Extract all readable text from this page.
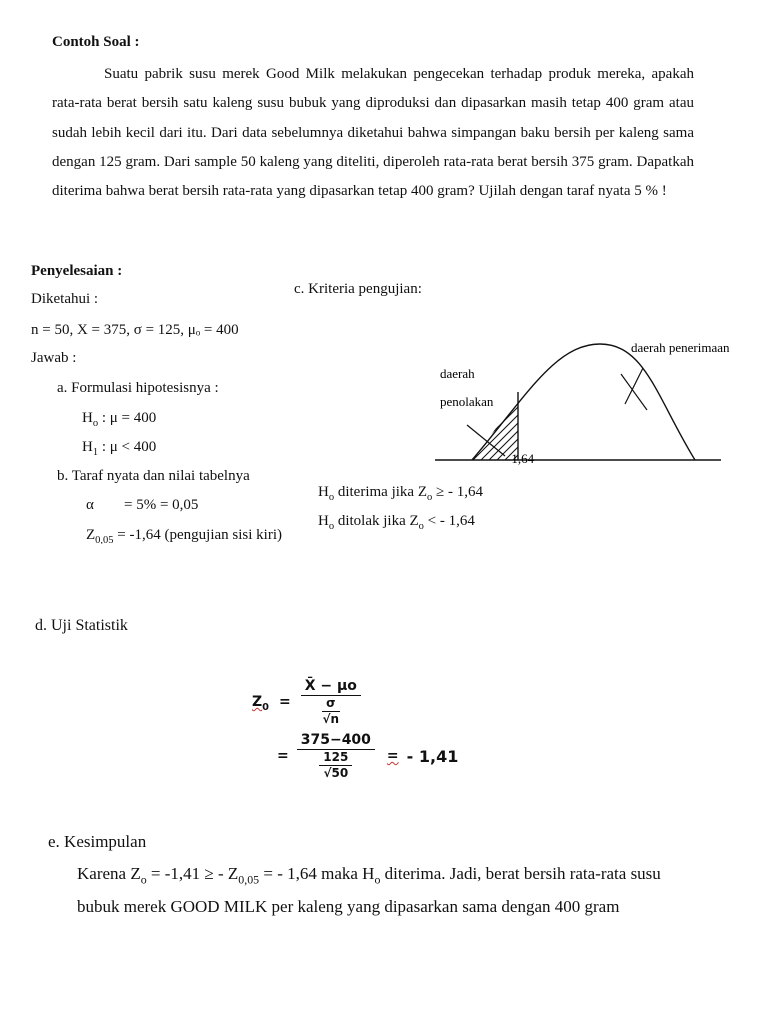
Contoh Soal :

Suatu pabrik susu merek Good Milk melakukan pengecekan terhadap produk mereka, apakah rata-rata berat bersih satu kaleng susu bubuk yang diproduksi dan dipasarkan masih tetap 400 gram atau sudah lebih kecil dari itu. Dari data sebelumnya diketahui bahwa simpangan baku bersih per kaleng sama dengan 125 gram. Dari sample 50 kaleng yang diteliti, diperoleh rata-rata berat bersih 375 gram. Dapatkah diterima bahwa berat bersih rata-rata yang dipasarkan tetap 400 gram? Ujilah dengan taraf nyata 5 % !

Penyelesaian :
Diketahui :
n = 50, X = 375, σ = 125, μₒ = 400
Jawab :
a. Formulasi hipotesisnya :
$H_o$ : μ = 400
$H_1$ : μ < 400
b. Taraf nyata dan nilai tabelnya
α = 5% = 0,05
$Z_{0,05} = -1,64$ (pengujian sisi kiri)
c. Kriteria pengujian:
daerah penerimaan
daerah
penolakan
-1,64
$H_o$ diterima jika $Z_o$ ≥ - 1,64
$H_o$ ditolak jika $Z_o$ < - 1,64
d. Uji Statistik
$Z_0 = \frac{X̄ - \mu o}{\frac{\sigma}{√n}}$
= $\frac{375-400}{\frac{125}{√50}}$ = - 1,41
e. Kesimpulan
Karena $Z_o = -1,41$ ≥ - $Z_{0,05}$ = - 1,64 maka $H_o$ diterima. Jadi, berat bersih rata-rata susu
bubuk merek GOOD MILK per kaleng yang dipasarkan sama dengan 400 gram
